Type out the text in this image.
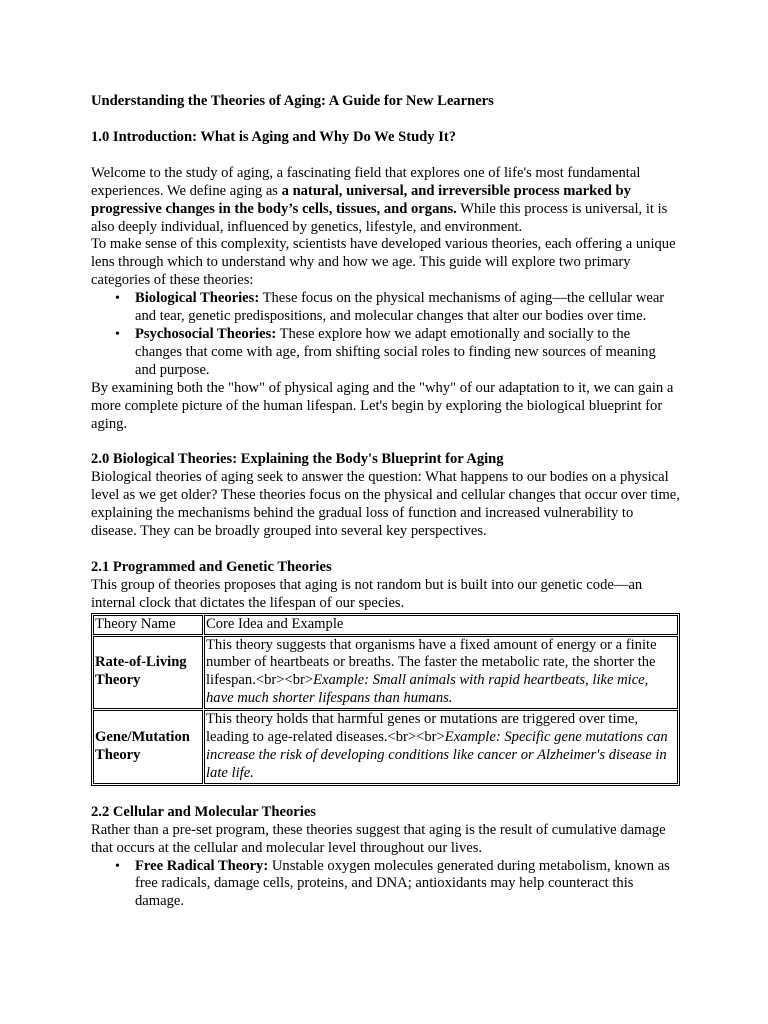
Understanding the Theories of Aging: A Guide for New Learners

1.0 Introduction: What is Aging and Why Do We Study It?

Welcome to the study of aging, a fascinating field that explores one of life's most fundamental experiences. We define aging as a natural, universal, and irreversible process marked by progressive changes in the body’s cells, tissues, and organs. While this process is universal, it is also deeply individual, influenced by genetics, lifestyle, and environment.

To make sense of this complexity, scientists have developed various theories, each offering a unique lens through which to understand why and how we age. This guide will explore two primary categories of these theories:

• Biological Theories: These focus on the physical mechanisms of aging—the cellular wear and tear, genetic predispositions, and molecular changes that alter our bodies over time.
• Psychosocial Theories: These explore how we adapt emotionally and socially to the changes that come with age, from shifting social roles to finding new sources of meaning and purpose.

By examining both the "how" of physical aging and the "why" of our adaptation to it, we can gain a more complete picture of the human lifespan. Let's begin by exploring the biological blueprint for aging.

2.0 Biological Theories: Explaining the Body's Blueprint for Aging

Biological theories of aging seek to answer the question: What happens to our bodies on a physical level as we get older? These theories focus on the physical and cellular changes that occur over time, explaining the mechanisms behind the gradual loss of function and increased vulnerability to disease. They can be broadly grouped into several key perspectives.

2.1 Programmed and Genetic Theories

This group of theories proposes that aging is not random but is built into our genetic code—an internal clock that dictates the lifespan of our species.

Theory Name	Core Idea and Example
Rate-of-Living Theory	This theory suggests that organisms have a fixed amount of energy or a finite number of heartbeats or breaths. The faster the metabolic rate, the shorter the lifespan.<br><br>Example: Small animals with rapid heartbeats, like mice, have much shorter lifespans than humans.
Gene/Mutation Theory	This theory holds that harmful genes or mutations are triggered over time, leading to age-related diseases.<br><br>Example: Specific gene mutations can increase the risk of developing conditions like cancer or Alzheimer's disease in late life.

2.2 Cellular and Molecular Theories

Rather than a pre-set program, these theories suggest that aging is the result of cumulative damage that occurs at the cellular and molecular level throughout our lives.

• Free Radical Theory: Unstable oxygen molecules generated during metabolism, known as free radicals, damage cells, proteins, and DNA; antioxidants may help counteract this damage.
